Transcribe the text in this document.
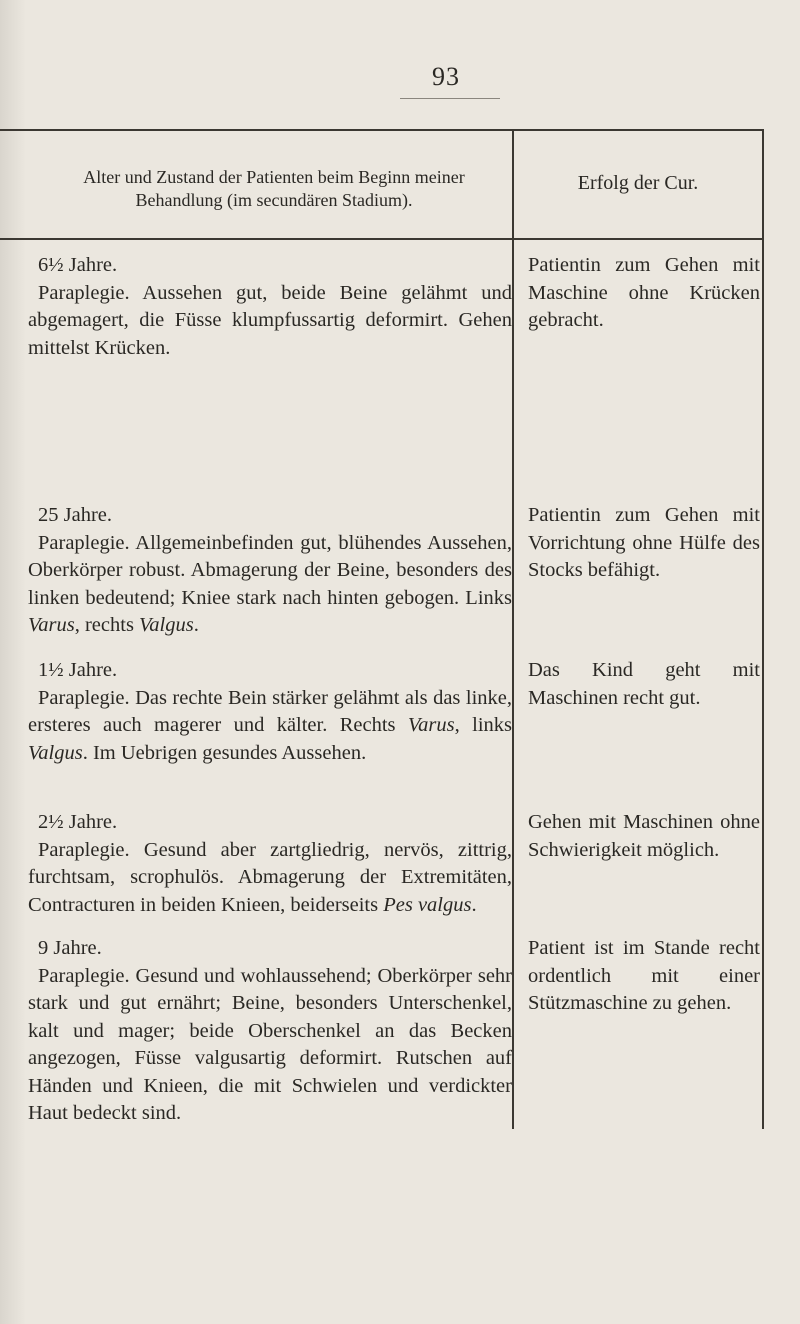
93
Alter und Zustand der Patienten beim Beginn meiner Behandlung (im secundären Stadium).
Erfolg der Cur.
6½ Jahre.
Paraplegie. Aussehen gut, beide Beine gelähmt und abgemagert, die Füsse klumpfussartig deformirt. Gehen mittelst Krücken.
Patientin zum Gehen mit Maschine ohne Krücken gebracht.
25 Jahre.
Paraplegie. Allgemeinbefinden gut, blühendes Aussehen, Oberkörper robust. Abmagerung der Beine, besonders des linken bedeutend; Kniee stark nach hinten gebogen. Links Varus, rechts Valgus.
Patientin zum Gehen mit Vorrichtung ohne Hülfe des Stocks befähigt.
1½ Jahre.
Paraplegie. Das rechte Bein stärker gelähmt als das linke, ersteres auch magerer und kälter. Rechts Varus, links Valgus. Im Uebrigen gesundes Aussehen.
Das Kind geht mit Maschinen recht gut.
2½ Jahre.
Paraplegie. Gesund aber zartgliedrig, nervös, zittrig, furchtsam, scrophulös. Abmagerung der Extremitäten, Contracturen in beiden Knieen, beiderseits Pes valgus.
Gehen mit Maschinen ohne Schwierigkeit möglich.
9 Jahre.
Paraplegie. Gesund und wohlaussehend; Oberkörper sehr stark und gut ernährt; Beine, besonders Unterschenkel, kalt und mager; beide Oberschenkel an das Becken angezogen, Füsse valgusartig deformirt. Rutschen auf Händen und Knieen, die mit Schwielen und verdickter Haut bedeckt sind.
Patient ist im Stande recht ordentlich mit einer Stützmaschine zu gehen.
